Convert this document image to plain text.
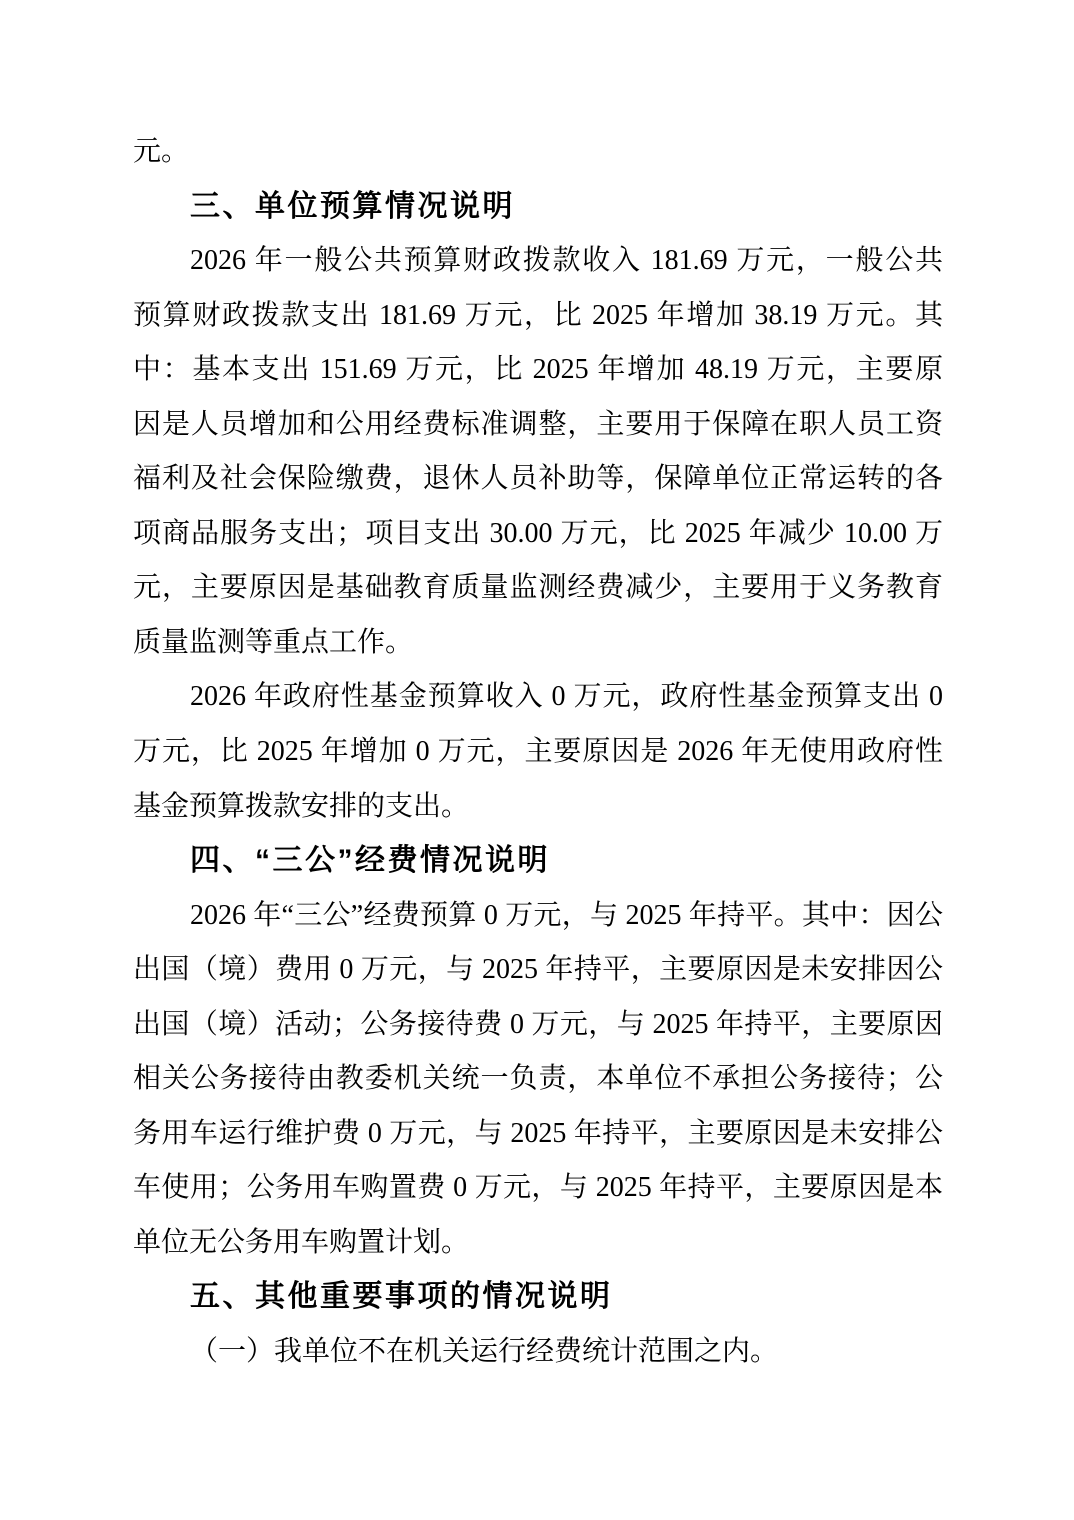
元。
三、单位预算情况说明
2026 年一般公共预算财政拨款收入 181.69 万元，一般公共
预算财政拨款支出 181.69 万元，比 2025 年增加 38.19 万元。其
中：基本支出 151.69 万元，比 2025 年增加 48.19 万元，主要原
因是人员增加和公用经费标准调整，主要用于保障在职人员工资
福利及社会保险缴费，退休人员补助等，保障单位正常运转的各
项商品服务支出；项目支出 30.00 万元，比 2025 年减少 10.00 万
元，主要原因是基础教育质量监测经费减少，主要用于义务教育
质量监测等重点工作。
2026 年政府性基金预算收入 0 万元，政府性基金预算支出 0
万元，比 2025 年增加 0 万元，主要原因是 2026 年无使用政府性
基金预算拨款安排的支出。
四、“三公”经费情况说明
2026 年“三公”经费预算 0 万元，与 2025 年持平。其中：因公
出国（境）费用 0 万元，与 2025 年持平，主要原因是未安排因公
出国（境）活动；公务接待费 0 万元，与 2025 年持平，主要原因
相关公务接待由教委机关统一负责，本单位不承担公务接待；公
务用车运行维护费 0 万元，与 2025 年持平，主要原因是未安排公
车使用；公务用车购置费 0 万元，与 2025 年持平，主要原因是本
单位无公务用车购置计划。
五、其他重要事项的情况说明
（一）我单位不在机关运行经费统计范围之内。
